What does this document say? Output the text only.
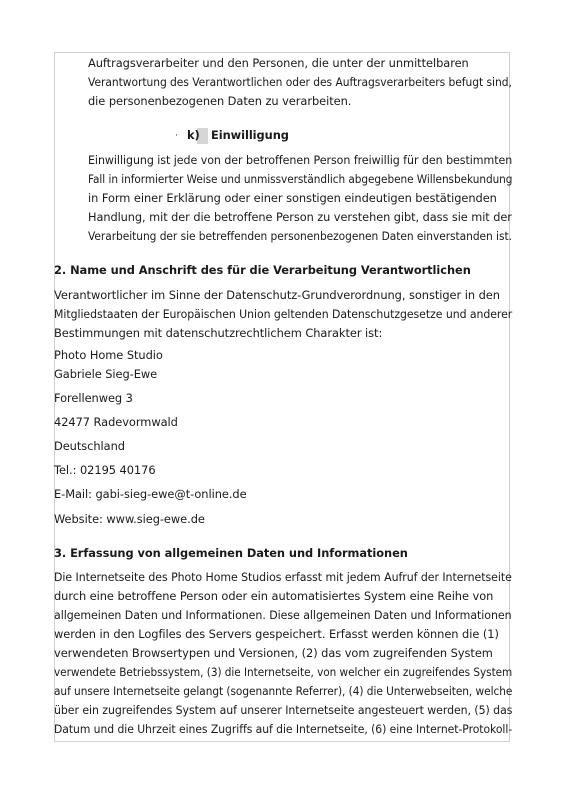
Auftragsverarbeiter und den Personen, die unter der unmittelbaren
Verantwortung des Verantwortlichen oder des Auftragsverarbeiters befugt sind,
die personenbezogenen Daten zu verarbeiten.
· k) Einwilligung
Einwilligung ist jede von der betroffenen Person freiwillig für den bestimmten
Fall in informierter Weise und unmissverständlich abgegebene Willensbekundung
in Form einer Erklärung oder einer sonstigen eindeutigen bestätigenden
Handlung, mit der die betroffene Person zu verstehen gibt, dass sie mit der
Verarbeitung der sie betreffenden personenbezogenen Daten einverstanden ist.
2. Name und Anschrift des für die Verarbeitung Verantwortlichen
Verantwortlicher im Sinne der Datenschutz-Grundverordnung, sonstiger in den
Mitgliedstaaten der Europäischen Union geltenden Datenschutzgesetze und anderer
Bestimmungen mit datenschutzrechtlichem Charakter ist:
Photo Home Studio
Gabriele Sieg-Ewe
Forellenweg 3
42477 Radevormwald
Deutschland
Tel.: 02195 40176
E-Mail: gabi-sieg-ewe@t-online.de
Website: www.sieg-ewe.de
3. Erfassung von allgemeinen Daten und Informationen
Die Internetseite des Photo Home Studios erfasst mit jedem Aufruf der Internetseite
durch eine betroffene Person oder ein automatisiertes System eine Reihe von
allgemeinen Daten und Informationen. Diese allgemeinen Daten und Informationen
werden in den Logfiles des Servers gespeichert. Erfasst werden können die (1)
verwendeten Browsertypen und Versionen, (2) das vom zugreifenden System
verwendete Betriebssystem, (3) die Internetseite, von welcher ein zugreifendes System
auf unsere Internetseite gelangt (sogenannte Referrer), (4) die Unterwebseiten, welche
über ein zugreifendes System auf unserer Internetseite angesteuert werden, (5) das
Datum und die Uhrzeit eines Zugriffs auf die Internetseite, (6) eine Internet-Protokoll-
